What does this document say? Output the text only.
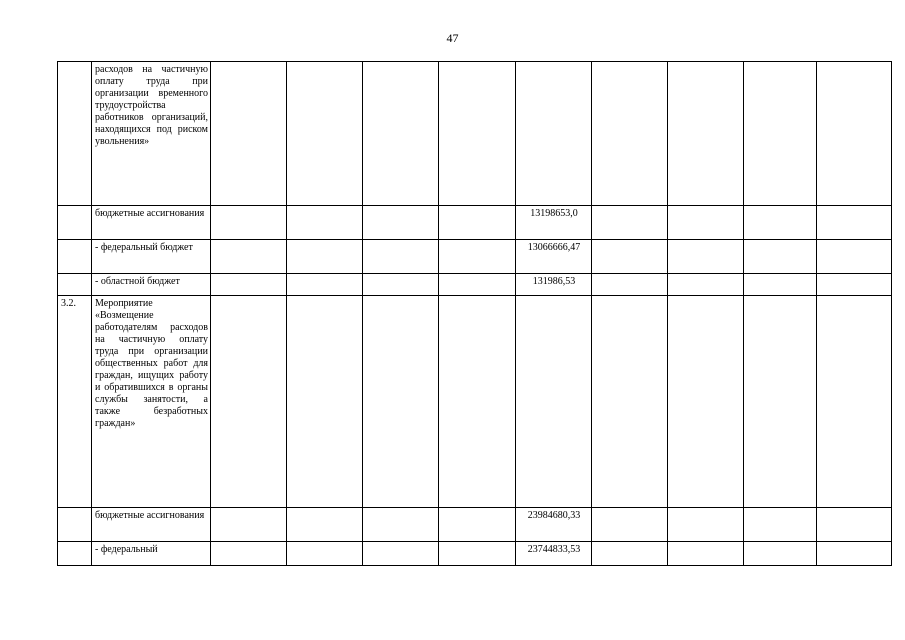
47
	расходов на частичную оплату труда при организации временного трудоустройства работников организаций, находящихся под риском увольнения»									
	бюджетные ассигнования					13198653,0				
	- федеральный бюджет					13066666,47				
	- областной бюджет					131986,53				
3.2.	Мероприятие «Возмещение работодателям расходов на частичную оплату труда при организации общественных работ для граждан, ищущих работу и обратившихся в органы службы занятости, а также безработных граждан»									
	бюджетные ассигнования					23984680,33				
	- федеральный					23744833,53				
